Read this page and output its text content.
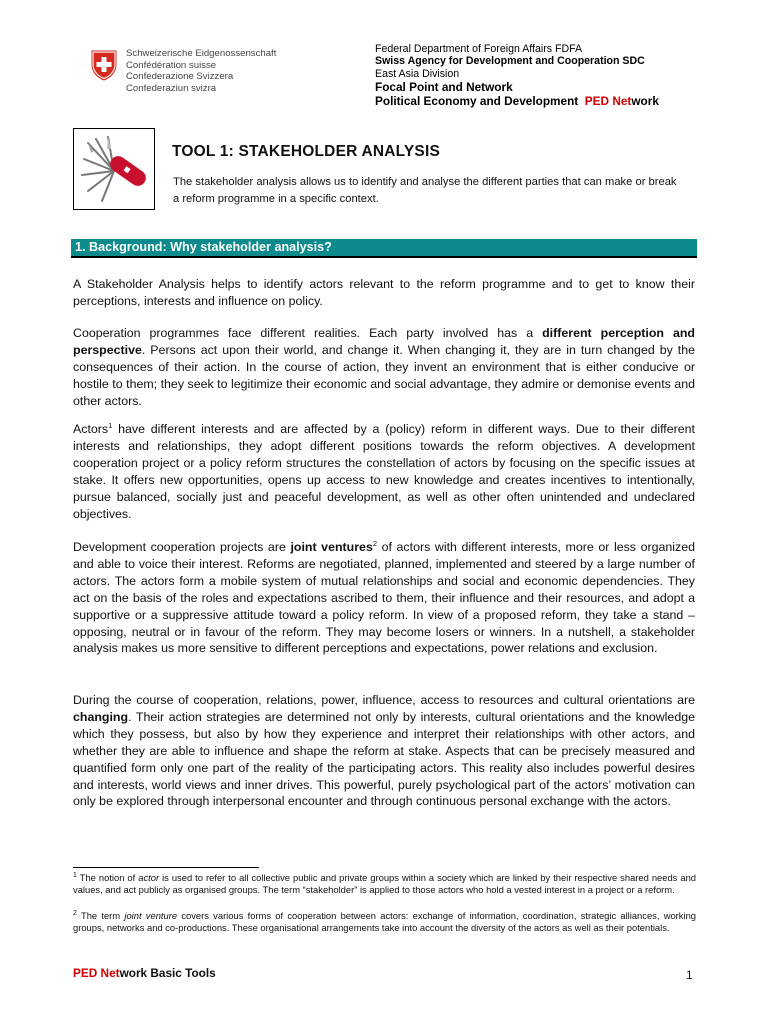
Schweizerische Eidgenossenschaft
Confédération suisse
Confederazione Svizzera
Confederaziun svizra
Federal Department of Foreign Affairs FDFA
Swiss Agency for Development and Cooperation SDC
East Asia Division
Focal Point and Network
Political Economy and Development PED Network
TOOL 1: STAKEHOLDER ANALYSIS
The stakeholder analysis allows us to identify and analyse the different parties that can make or break a reform programme in a specific context.
1. Background: Why stakeholder analysis?

A Stakeholder Analysis helps to identify actors relevant to the reform programme and to get to know their perceptions, interests and influence on policy.

Cooperation programmes face different realities. Each party involved has a different perception and perspective. Persons act upon their world, and change it. When changing it, they are in turn changed by the consequences of their action. In the course of action, they invent an environment that is either conducive or hostile to them; they seek to legitimize their economic and social advantage, they admire or demonise events and other actors.

Actors$^1$ have different interests and are affected by a (policy) reform in different ways. Due to their different interests and relationships, they adopt different positions towards the reform objectives. A development cooperation project or a policy reform structures the constellation of actors by focusing on the specific issues at stake. It offers new opportunities, opens up access to new knowledge and creates incentives to intentionally, pursue balanced, socially just and peaceful development, as well as other often unintended and undeclared objectives.

Development cooperation projects are joint ventures$^2$ of actors with different interests, more or less organized and able to voice their interest. Reforms are negotiated, planned, implemented and steered by a large number of actors. The actors form a mobile system of mutual relationships and social and economic dependencies. They act on the basis of the roles and expectations ascribed to them, their influence and their resources, and adopt a supportive or a suppressive attitude toward a policy reform. In view of a proposed reform, they take a stand – opposing, neutral or in favour of the reform. They may become losers or winners. In a nutshell, a stakeholder analysis makes us more sensitive to different perceptions and expectations, power relations and exclusion.

During the course of cooperation, relations, power, influence, access to resources and cultural orientations are changing. Their action strategies are determined not only by interests, cultural orientations and the knowledge which they possess, but also by how they experience and interpret their relationships with other actors, and whether they are able to influence and shape the reform at stake. Aspects that can be precisely measured and quantified form only one part of the reality of the participating actors. This reality also includes powerful desires and interests, world views and inner drives. This powerful, purely psychological part of the actors’ motivation can only be explored through interpersonal encounter and through continuous personal exchange with the actors.

$^1$ The notion of actor is used to refer to all collective public and private groups within a society which are linked by their respective shared needs and values, and act publicly as organised groups. The term “stakeholder” is applied to those actors who hold a vested interest in a project or a reform.

$^2$ The term joint venture covers various forms of cooperation between actors: exchange of information, coordination, strategic alliances, working groups, networks and co-productions. These organisational arrangements take into account the diversity of the actors as well as their potentials.

PED Network Basic Tools	1
